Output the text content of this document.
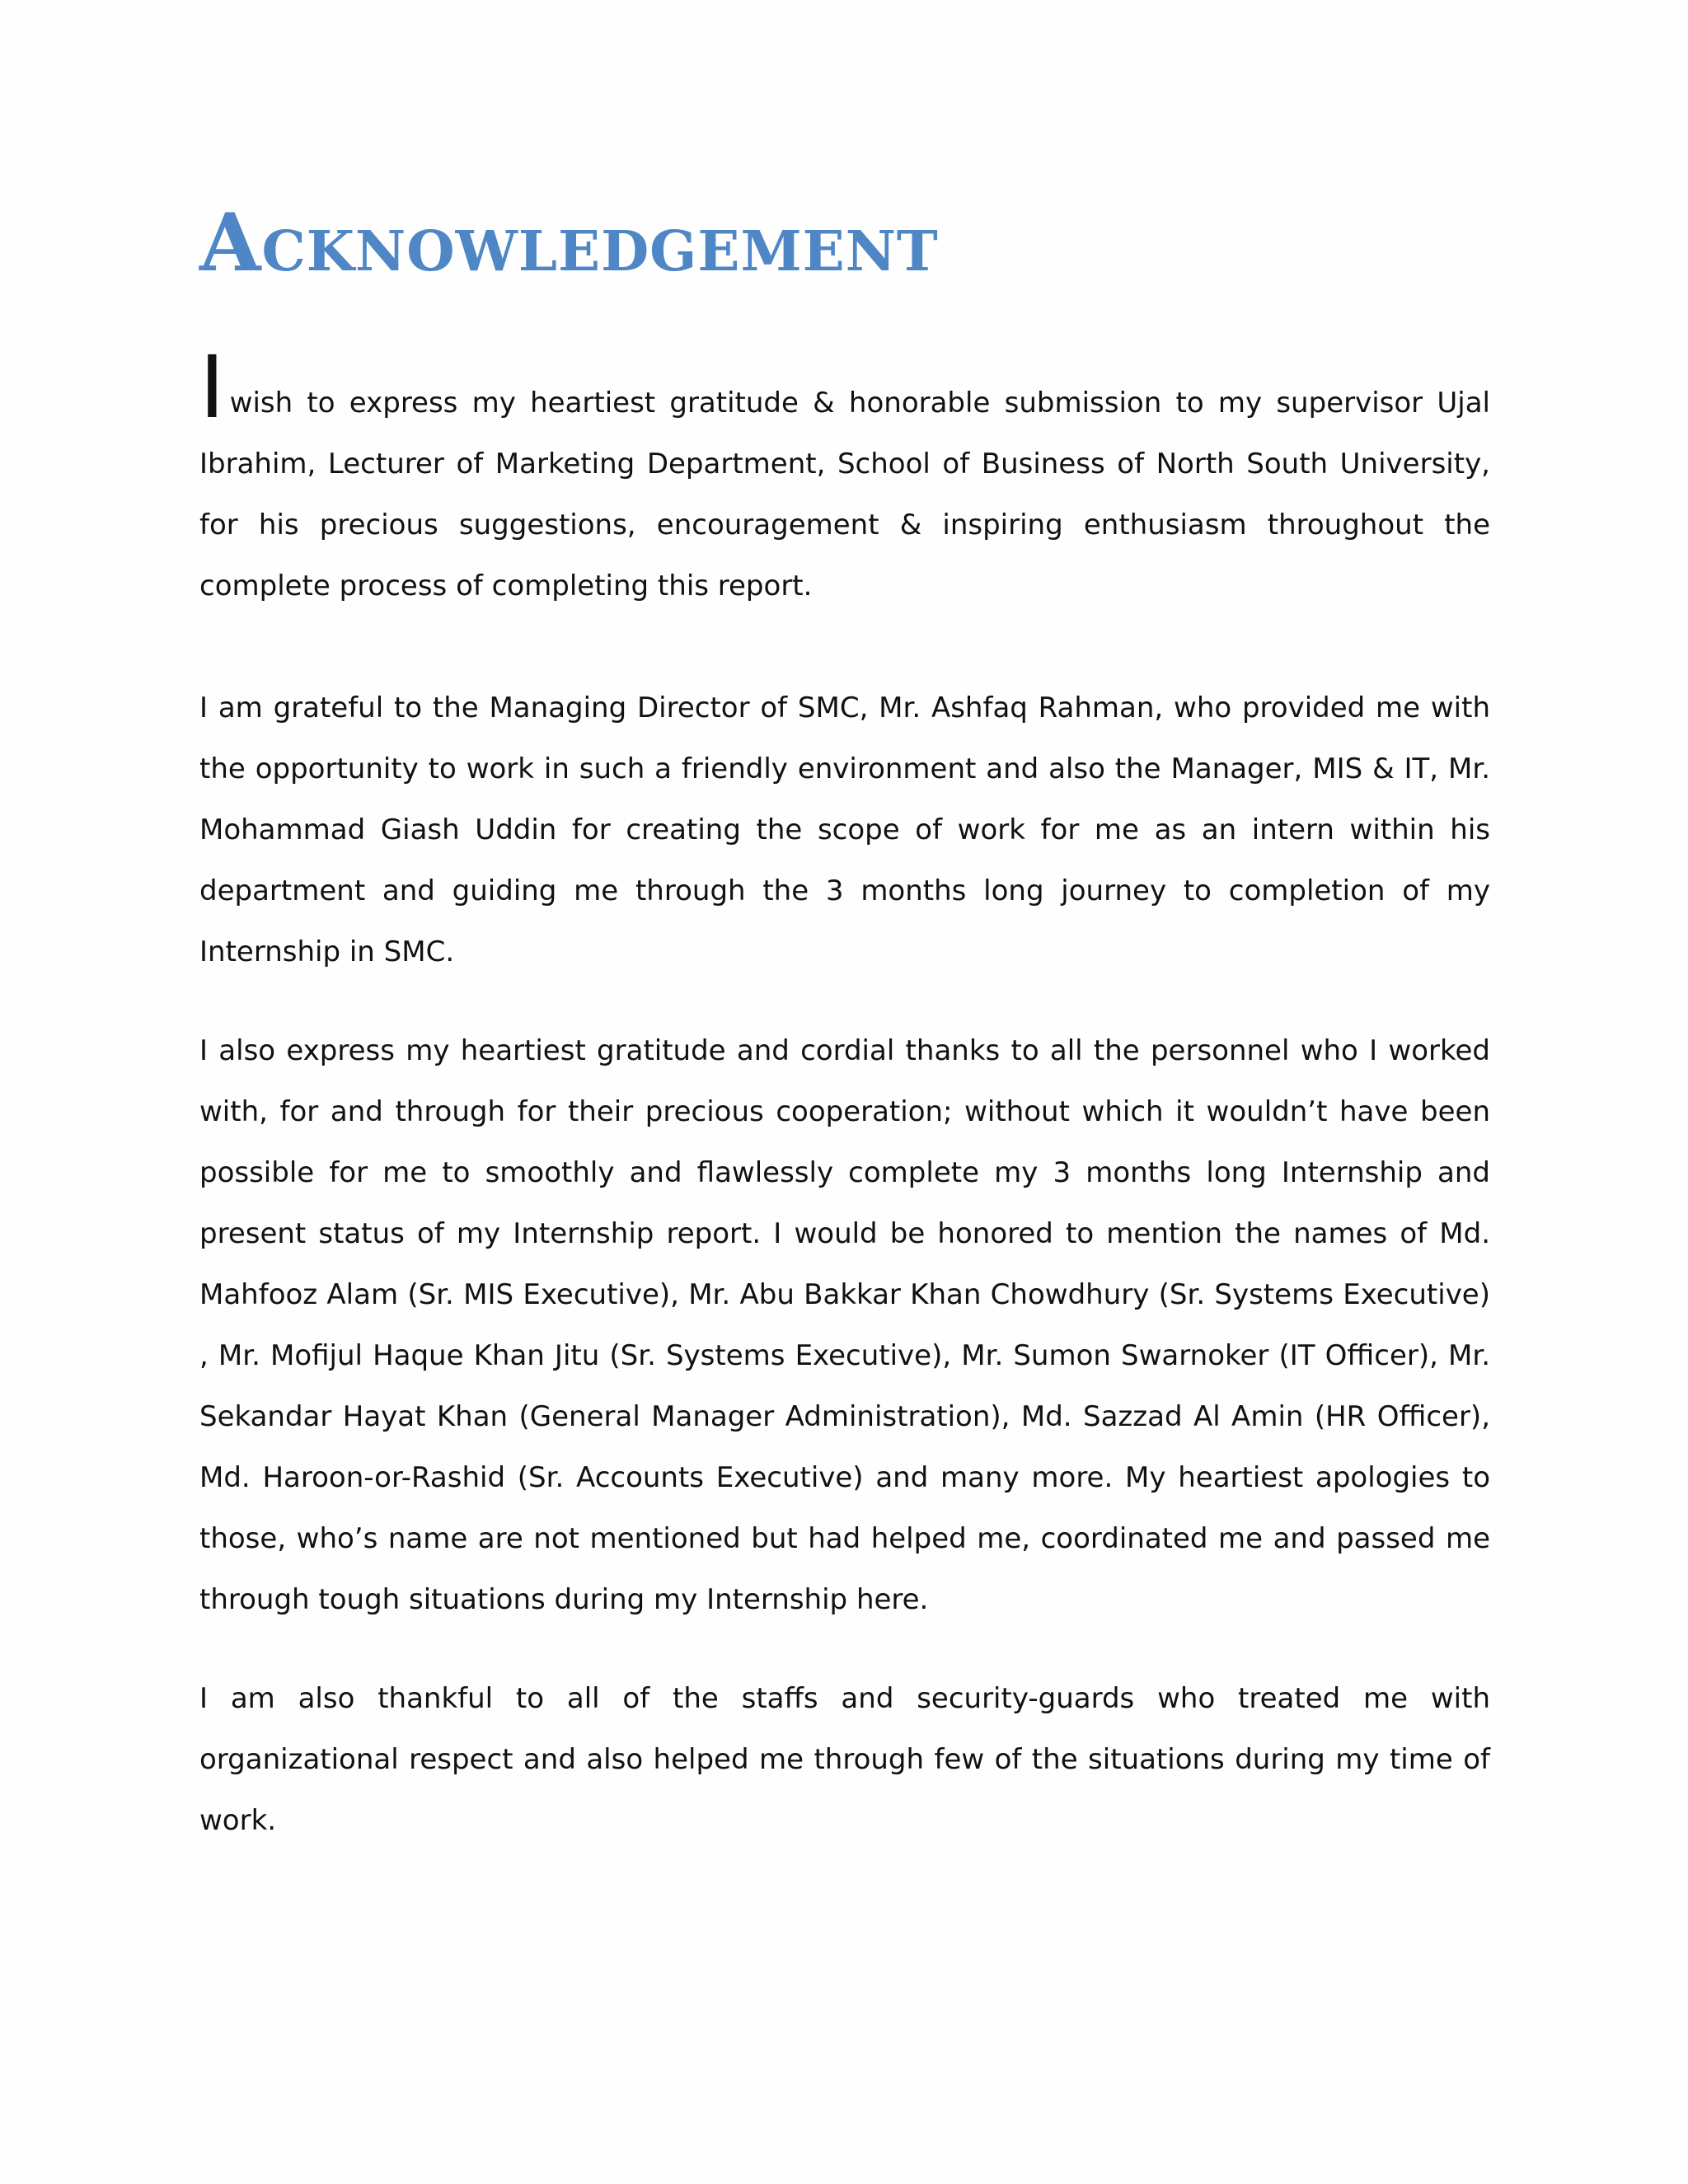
Acknowledgement

Iwish to express my heartiest gratitude & honorable submission to my supervisor Ujal Ibrahim, Lecturer of Marketing Department, School of Business of North South University, for his precious suggestions, encouragement & inspiring enthusiasm throughout the complete process of completing this report.

I am grateful to the Managing Director of SMC, Mr. Ashfaq Rahman, who provided me with the opportunity to work in such a friendly environment and also the Manager, MIS & IT, Mr. Mohammad Giash Uddin for creating the scope of work for me as an intern within his department and guiding me through the 3 months long journey to completion of my Internship in SMC.

I also express my heartiest gratitude and cordial thanks to all the personnel who I worked with, for and through for their precious cooperation; without which it wouldn’t have been possible for me to smoothly and flawlessly complete my 3 months long Internship and present status of my Internship report. I would be honored to mention the names of Md. Mahfooz Alam (Sr. MIS Executive), Mr. Abu Bakkar Khan Chowdhury (Sr. Systems Executive) , Mr. Mofijul Haque Khan Jitu (Sr. Systems Executive), Mr. Sumon Swarnoker (IT Officer), Mr. Sekandar Hayat Khan (General Manager Administration), Md. Sazzad Al Amin (HR Officer), Md. Haroon-or-Rashid (Sr. Accounts Executive) and many more. My heartiest apologies to those, who’s name are not mentioned but had helped me, coordinated me and passed me through tough situations during my Internship here.

I am also thankful to all of the staffs and security-guards who treated me with organizational respect and also helped me through few of the situations during my time of work.
